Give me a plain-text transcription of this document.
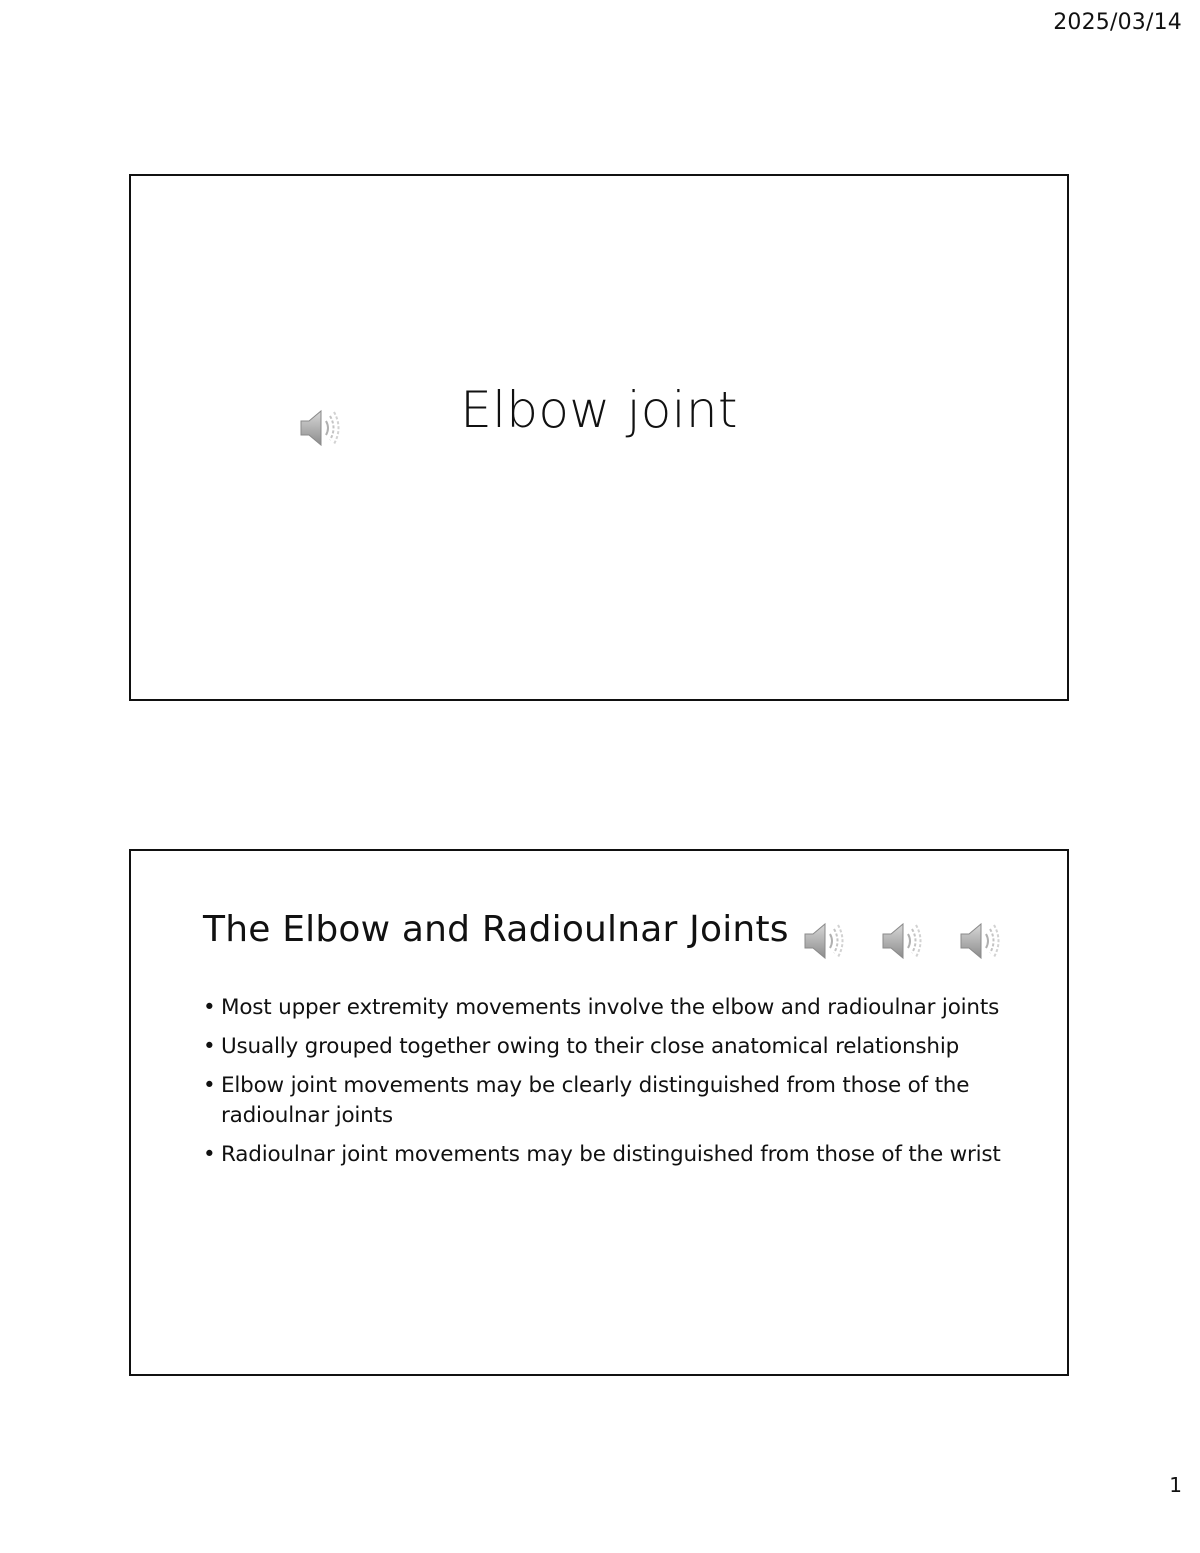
2025/03/14
Elbow joint
The Elbow and Radioulnar Joints
• Most upper extremity movements involve the elbow and radioulnar joints
• Usually grouped together owing to their close anatomical relationship
• Elbow joint movements may be clearly distinguished from those of the radioulnar joints
• Radioulnar joint movements may be distinguished from those of the wrist
1
